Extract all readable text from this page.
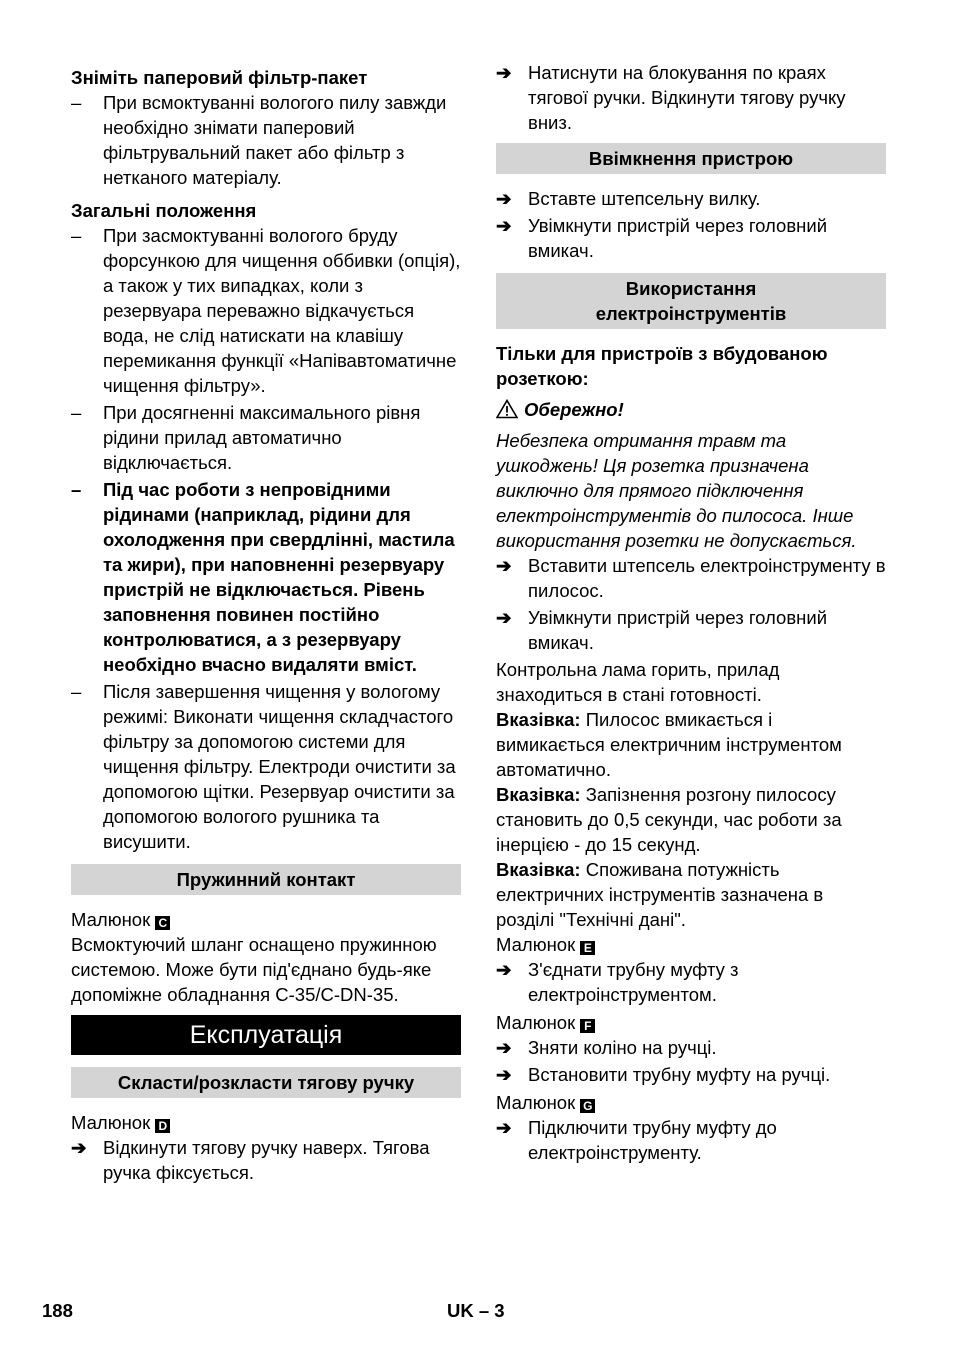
Зніміть паперовий фільтр-пакет

– При всмоктуванні вологого пилу завжди необхідно знімати паперовий фільтрувальний пакет або фільтр з нетканого матеріалу.

Загальні положення

– При засмоктуванні вологого бруду форсункою для чищення оббивки (опція), а також у тих випадках, коли з резервуара переважно відкачується вода, не слід натискати на клавішу перемикання функції «Напівавтоматичне чищення фільтру».

– При досягненні максимального рівня рідини прилад автоматично відключається.

– Під час роботи з непровідними рідинами (наприклад, рідини для охолодження при свердлінні, мастила та жири), при наповненні резервуару пристрій не відключається. Рівень заповнення повинен постійно контролюватися, а з резервуару необхідно вчасно видаляти вміст.

– Після завершення чищення у вологому режимі: Виконати чищення складчастого фільтру за допомогою системи для чищення фільтру. Електроди очистити за допомогою щітки. Резервуар очистити за допомогою вологого рушника та висушити.

Пружинний контакт

Малюнок C

Всмоктуючий шланг оснащено пружинною системою. Може бути під'єднано будь-яке допоміжне обладнання C-35/C-DN-35.

Експлуатація
Скласти/розкласти тягову ручку

Малюнок D

➔ Відкинути тягову ручку наверх. Тягова ручка фіксується.

➔ Натиснути на блокування по краях тягової ручки. Відкинути тягову ручку вниз.

Ввімкнення пристрою

➔ Вставте штепсельну вилку.

➔ Увімкнути пристрій через головний вмикач.

Використання електроінструментів

Тільки для пристроїв з вбудованою розеткою:

Обережно!

Небезпека отримання травм та ушкоджень! Ця розетка призначена виключно для прямого підключення електроінструментів до пилососа. Інше використання розетки не допускається.

➔ Вставити штепсель електроінструменту в пилосос.

➔ Увімкнути пристрій через головний вмикач.

Контрольна лама горить, прилад знаходиться в стані готовності.

Вказівка: Пилосос вмикається і вимикається електричним інструментом автоматично.

Вказівка: Запізнення розгону пилососу становить до 0,5 секунди, час роботи за інерцією - до 15 секунд.

Вказівка: Споживана потужність електричних інструментів зазначена в розділі "Технічні дані".

Малюнок E

➔ З'єднати трубну муфту з електроінструментом.

Малюнок F

➔ Зняти коліно на ручці.

➔ Встановити трубну муфту на ручці.

Малюнок G

➔ Підключити трубну муфту до електроінструменту.

188	UK – 3
